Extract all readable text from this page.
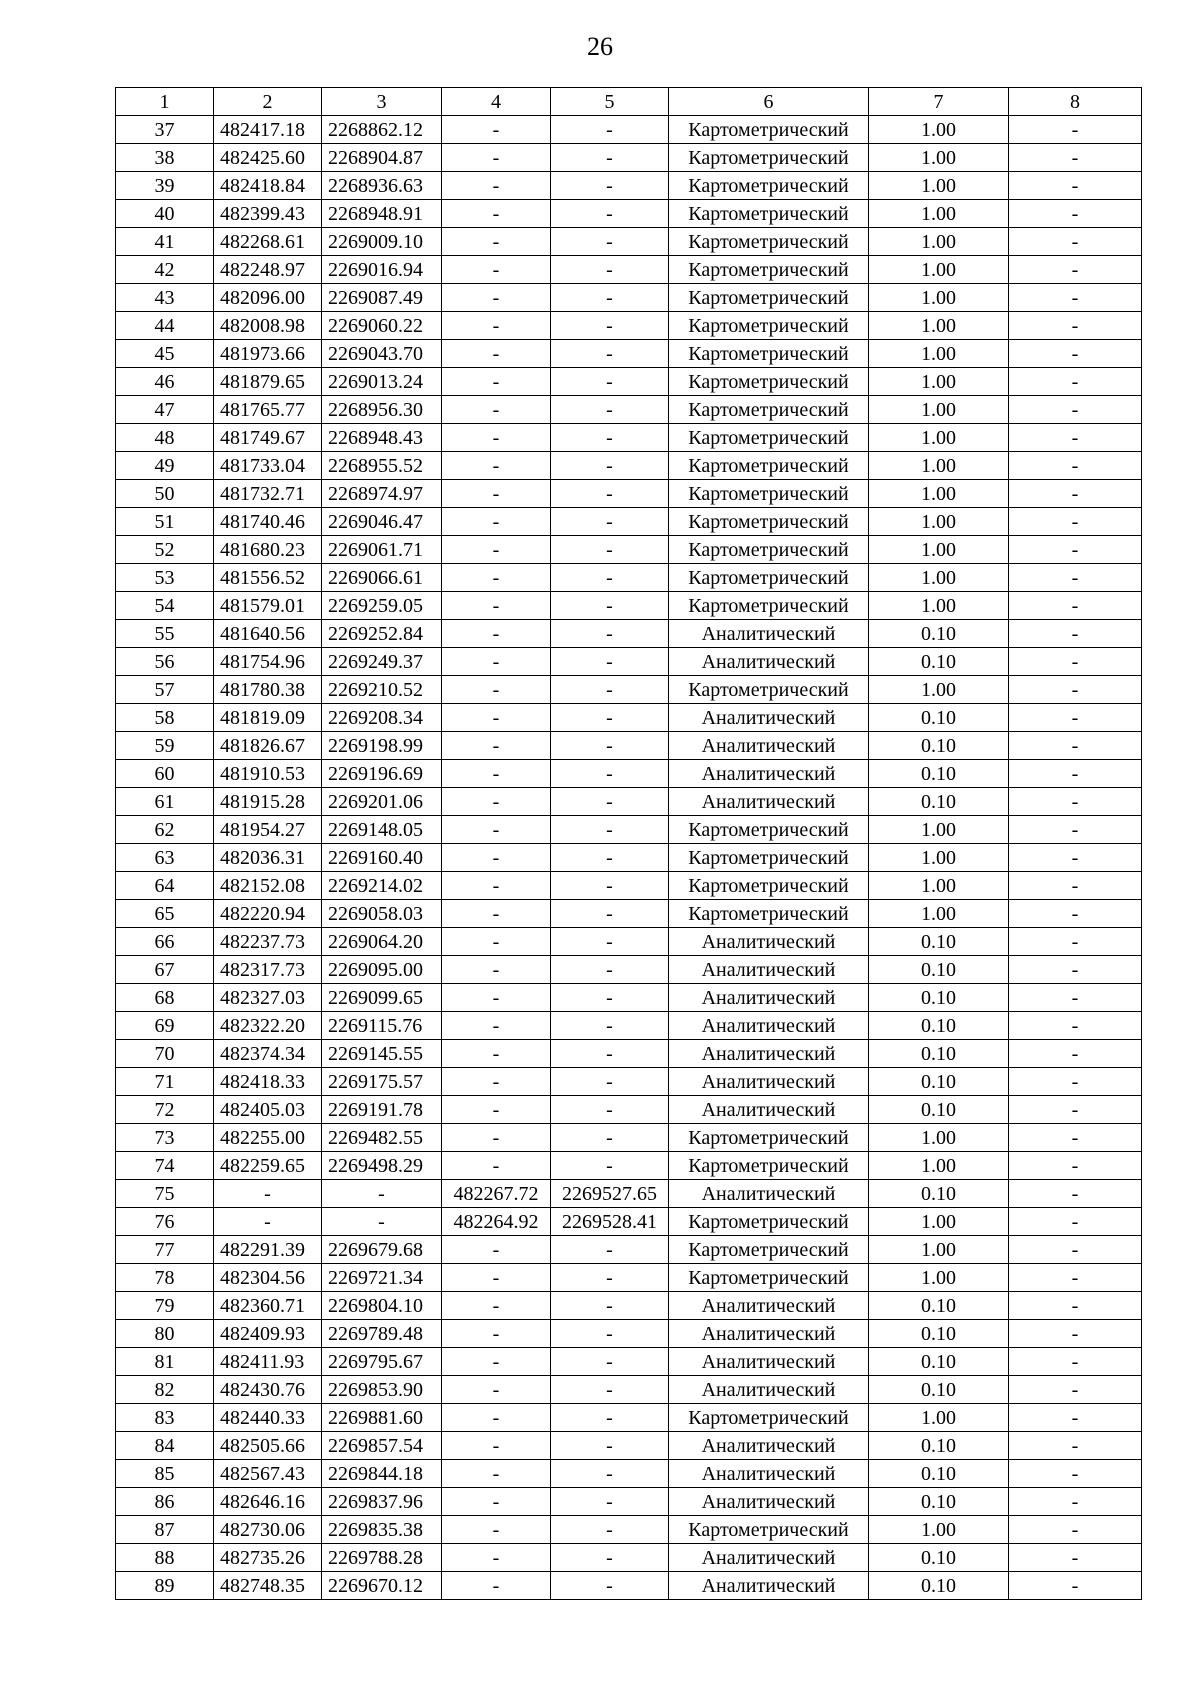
26
1	2	3	4	5	6	7	8
37	482417.18	2268862.12	-	-	Картометрический	1.00	-
38	482425.60	2268904.87	-	-	Картометрический	1.00	-
39	482418.84	2268936.63	-	-	Картометрический	1.00	-
40	482399.43	2268948.91	-	-	Картометрический	1.00	-
41	482268.61	2269009.10	-	-	Картометрический	1.00	-
42	482248.97	2269016.94	-	-	Картометрический	1.00	-
43	482096.00	2269087.49	-	-	Картометрический	1.00	-
44	482008.98	2269060.22	-	-	Картометрический	1.00	-
45	481973.66	2269043.70	-	-	Картометрический	1.00	-
46	481879.65	2269013.24	-	-	Картометрический	1.00	-
47	481765.77	2268956.30	-	-	Картометрический	1.00	-
48	481749.67	2268948.43	-	-	Картометрический	1.00	-
49	481733.04	2268955.52	-	-	Картометрический	1.00	-
50	481732.71	2268974.97	-	-	Картометрический	1.00	-
51	481740.46	2269046.47	-	-	Картометрический	1.00	-
52	481680.23	2269061.71	-	-	Картометрический	1.00	-
53	481556.52	2269066.61	-	-	Картометрический	1.00	-
54	481579.01	2269259.05	-	-	Картометрический	1.00	-
55	481640.56	2269252.84	-	-	Аналитический	0.10	-
56	481754.96	2269249.37	-	-	Аналитический	0.10	-
57	481780.38	2269210.52	-	-	Картометрический	1.00	-
58	481819.09	2269208.34	-	-	Аналитический	0.10	-
59	481826.67	2269198.99	-	-	Аналитический	0.10	-
60	481910.53	2269196.69	-	-	Аналитический	0.10	-
61	481915.28	2269201.06	-	-	Аналитический	0.10	-
62	481954.27	2269148.05	-	-	Картометрический	1.00	-
63	482036.31	2269160.40	-	-	Картометрический	1.00	-
64	482152.08	2269214.02	-	-	Картометрический	1.00	-
65	482220.94	2269058.03	-	-	Картометрический	1.00	-
66	482237.73	2269064.20	-	-	Аналитический	0.10	-
67	482317.73	2269095.00	-	-	Аналитический	0.10	-
68	482327.03	2269099.65	-	-	Аналитический	0.10	-
69	482322.20	2269115.76	-	-	Аналитический	0.10	-
70	482374.34	2269145.55	-	-	Аналитический	0.10	-
71	482418.33	2269175.57	-	-	Аналитический	0.10	-
72	482405.03	2269191.78	-	-	Аналитический	0.10	-
73	482255.00	2269482.55	-	-	Картометрический	1.00	-
74	482259.65	2269498.29	-	-	Картометрический	1.00	-
75	-	-	482267.72	2269527.65	Аналитический	0.10	-
76	-	-	482264.92	2269528.41	Картометрический	1.00	-
77	482291.39	2269679.68	-	-	Картометрический	1.00	-
78	482304.56	2269721.34	-	-	Картометрический	1.00	-
79	482360.71	2269804.10	-	-	Аналитический	0.10	-
80	482409.93	2269789.48	-	-	Аналитический	0.10	-
81	482411.93	2269795.67	-	-	Аналитический	0.10	-
82	482430.76	2269853.90	-	-	Аналитический	0.10	-
83	482440.33	2269881.60	-	-	Картометрический	1.00	-
84	482505.66	2269857.54	-	-	Аналитический	0.10	-
85	482567.43	2269844.18	-	-	Аналитический	0.10	-
86	482646.16	2269837.96	-	-	Аналитический	0.10	-
87	482730.06	2269835.38	-	-	Картометрический	1.00	-
88	482735.26	2269788.28	-	-	Аналитический	0.10	-
89	482748.35	2269670.12	-	-	Аналитический	0.10	-
